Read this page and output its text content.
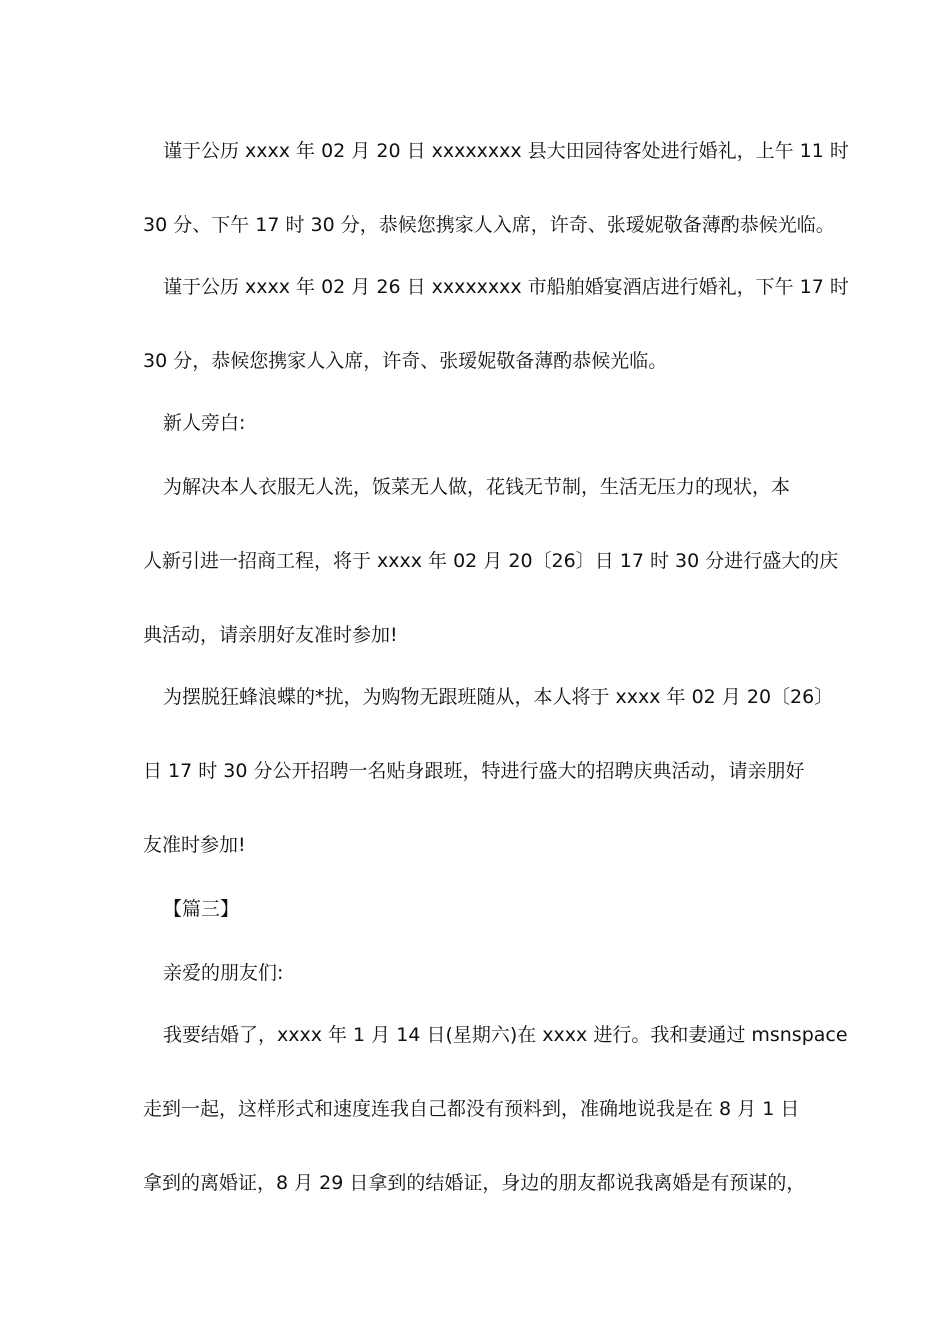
谨于公历 xxxx 年 02 月 20 日 xxxxxxxx 县大田园待客处进行婚礼，上午 11 时

30 分、下午 17 时 30 分，恭候您携家人入席，许奇、张瑷妮敬备薄酌恭候光临。

谨于公历 xxxx 年 02 月 26 日 xxxxxxxx 市船舶婚宴酒店进行婚礼，下午 17 时

30 分，恭候您携家人入席，许奇、张瑷妮敬备薄酌恭候光临。

新人旁白:

为解决本人衣服无人洗，饭菜无人做，花钱无节制，生活无压力的现状，本

人新引进一招商工程，将于 xxxx 年 02 月 20〔26〕日 17 时 30 分进行盛大的庆

典活动，请亲朋好友准时参加!

为摆脱狂蜂浪蝶的*扰，为购物无跟班随从，本人将于 xxxx 年 02 月 20〔26〕

日 17 时 30 分公开招聘一名贴身跟班，特进行盛大的招聘庆典活动，请亲朋好

友准时参加!

【篇三】

亲爱的朋友们:

我要结婚了，xxxx 年 1 月 14 日(星期六)在 xxxx 进行。我和妻通过 msnspace

走到一起，这样形式和速度连我自己都没有预料到，准确地说我是在 8 月 1 日

拿到的离婚证，8 月 29 日拿到的结婚证，身边的朋友都说我离婚是有预谋的，
